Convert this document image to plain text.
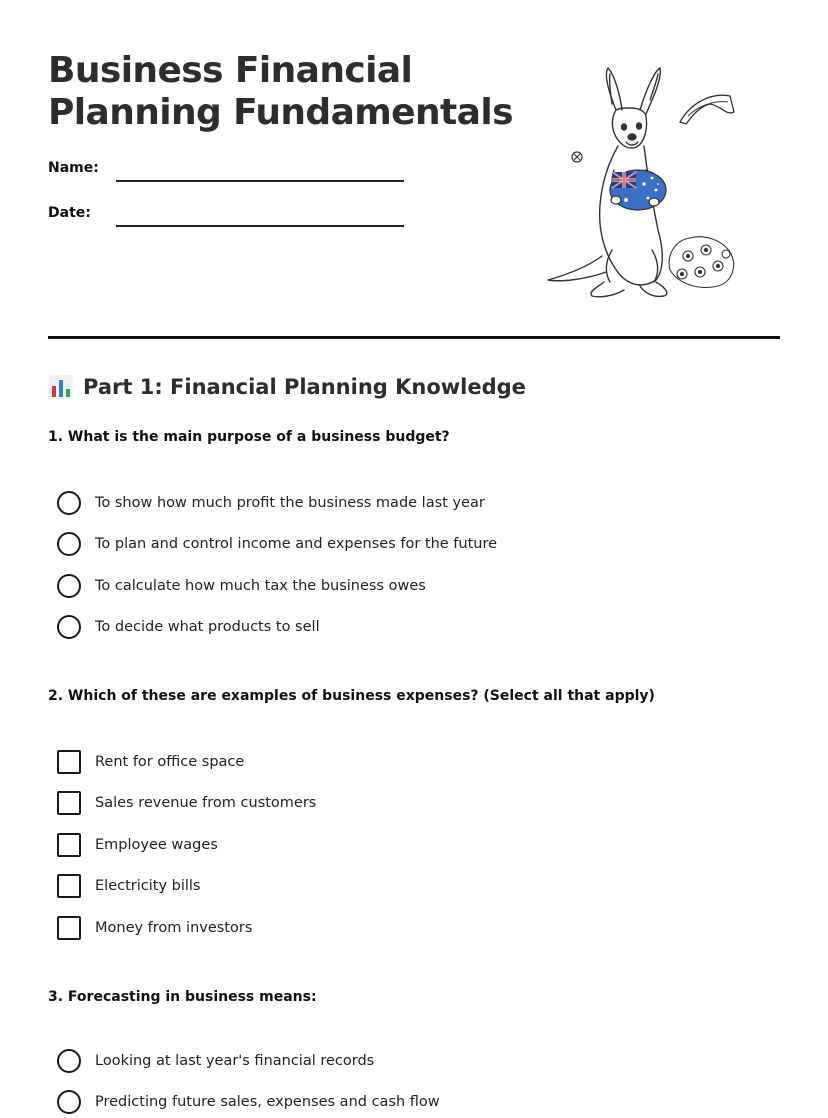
Business Financial
Planning Fundamentals
Name:
Date:
Part 1: Financial Planning Knowledge
1. What is the main purpose of a business budget?
To show how much profit the business made last year
To plan and control income and expenses for the future
To calculate how much tax the business owes
To decide what products to sell
2. Which of these are examples of business expenses? (Select all that apply)
Rent for office space
Sales revenue from customers
Employee wages
Electricity bills
Money from investors
3. Forecasting in business means:
Looking at last year's financial records
Predicting future sales, expenses and cash flow
